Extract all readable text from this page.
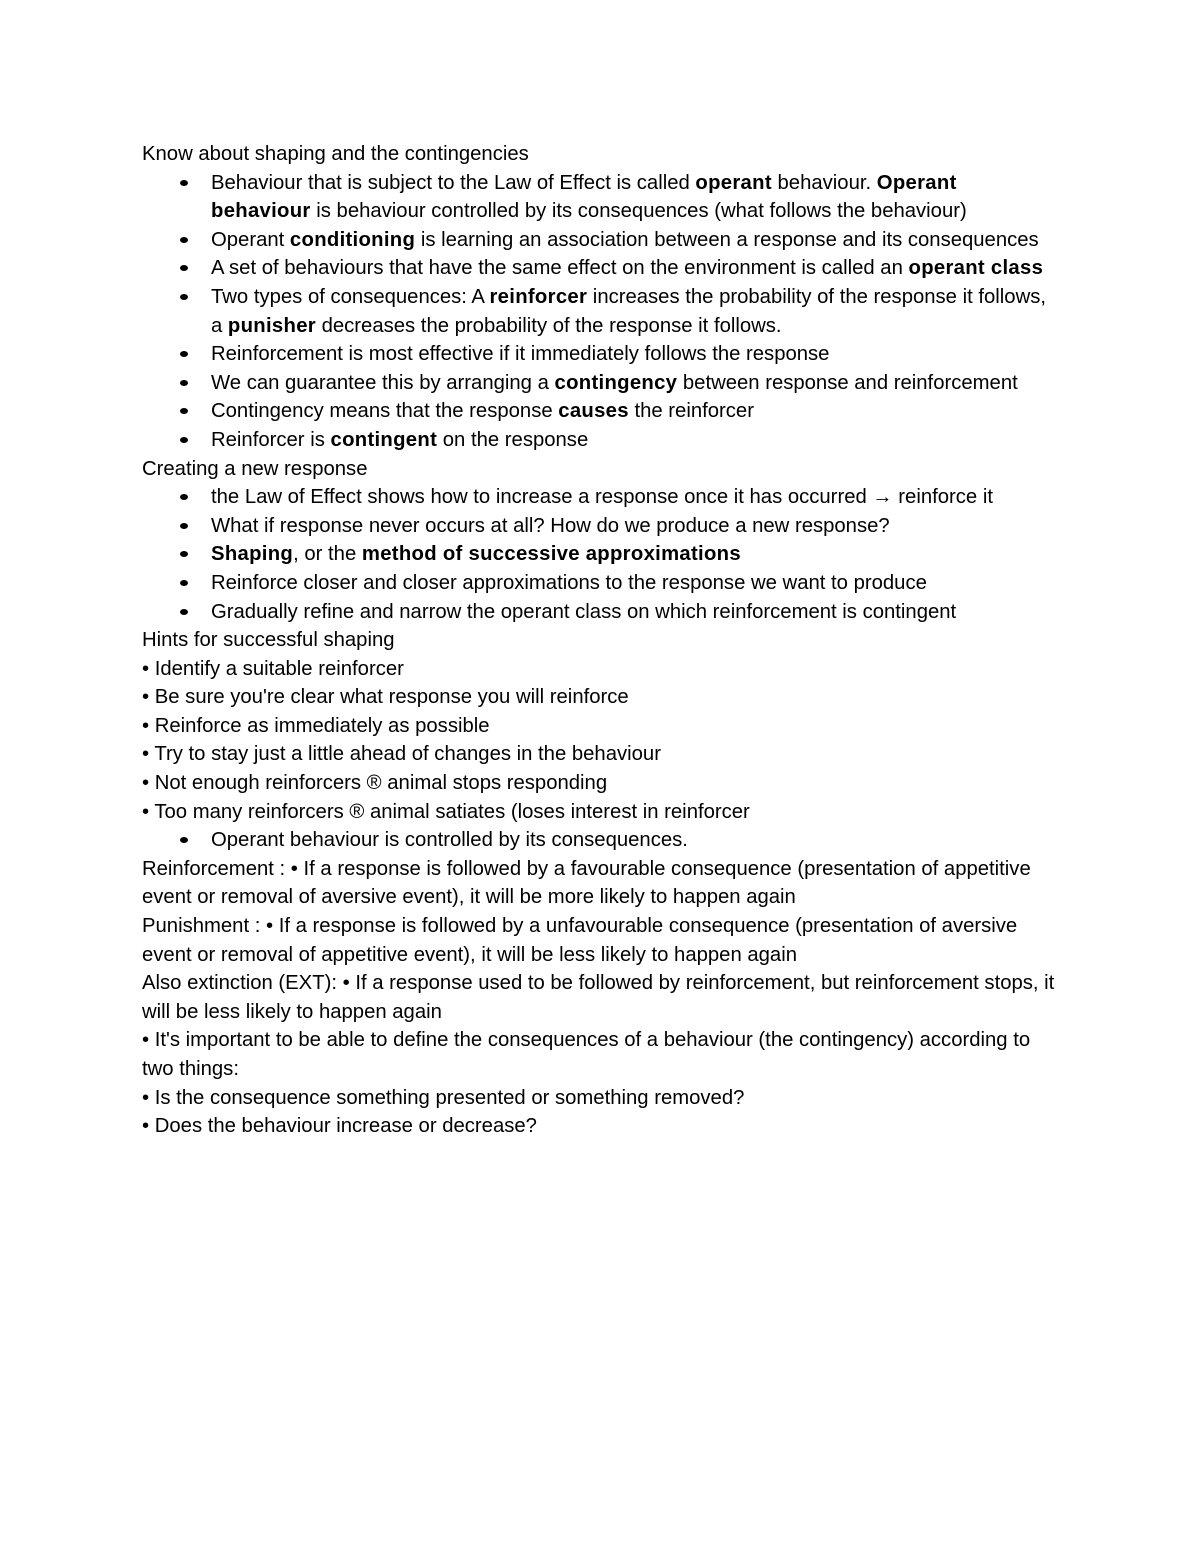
Know about shaping and the contingencies

Behaviour that is subject to the Law of Effect is called operant behaviour. Operant behaviour is behaviour controlled by its consequences (what follows the behaviour)
Operant conditioning is learning an association between a response and its consequences
A set of behaviours that have the same effect on the environment is called an operant class
Two types of consequences: A reinforcer increases the probability of the response it follows, a punisher decreases the probability of the response it follows.
Reinforcement is most effective if it immediately follows the response
We can guarantee this by arranging a contingency between response and reinforcement
Contingency means that the response causes the reinforcer
Reinforcer is contingent on the response

Creating a new response

the Law of Effect shows how to increase a response once it has occurred → reinforce it
What if response never occurs at all? How do we produce a new response?
Shaping, or the method of successive approximations
Reinforce closer and closer approximations to the response we want to produce
Gradually refine and narrow the operant class on which reinforcement is contingent

Hints for successful shaping

• Identify a suitable reinforcer

• Be sure you're clear what response you will reinforce

• Reinforce as immediately as possible

• Try to stay just a little ahead of changes in the behaviour

• Not enough reinforcers ® animal stops responding

• Too many reinforcers ® animal satiates (loses interest in reinforcer

Operant behaviour is controlled by its consequences.

Reinforcement : • If a response is followed by a favourable consequence (presentation of appetitive event or removal of aversive event), it will be more likely to happen again

Punishment : • If a response is followed by a unfavourable consequence (presentation of aversive event or removal of appetitive event), it will be less likely to happen again

Also extinction (EXT): • If a response used to be followed by reinforcement, but reinforcement stops, it will be less likely to happen again

• It's important to be able to define the consequences of a behaviour (the contingency) according to two things:

• Is the consequence something presented or something removed?

• Does the behaviour increase or decrease?
